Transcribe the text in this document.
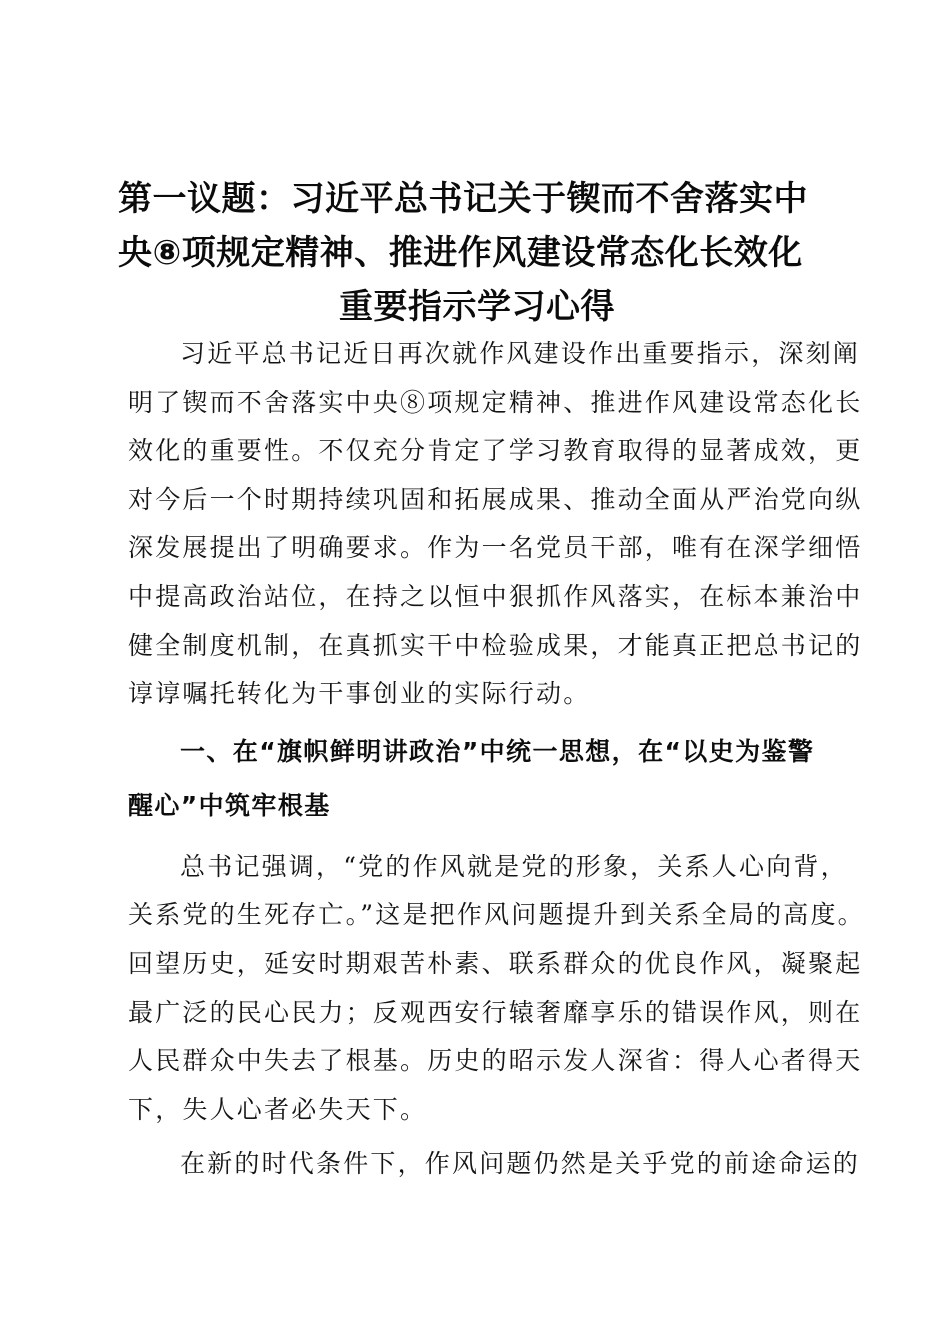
第一议题：习近平总书记关于锲而不舍落实中
央⑧项规定精神、推进作风建设常态化长效化
重要指示学习心得

习近平总书记近日再次就作风建设作出重要指示，深刻阐
明了锲而不舍落实中央⑧项规定精神、推进作风建设常态化长
效化的重要性。不仅充分肯定了学习教育取得的显著成效，更
对今后一个时期持续巩固和拓展成果、推动全面从严治党向纵
深发展提出了明确要求。作为一名党员干部，唯有在深学细悟
中提高政治站位，在持之以恒中狠抓作风落实，在标本兼治中
健全制度机制，在真抓实干中检验成果，才能真正把总书记的
谆谆嘱托转化为干事创业的实际行动。

一、在“旗帜鲜明讲政治”中统一思想，在“以史为鉴警
醒心”中筑牢根基

总书记强调，“党的作风就是党的形象，关系人心向背，
关系党的生死存亡。”这是把作风问题提升到关系全局的高度。
回望历史，延安时期艰苦朴素、联系群众的优良作风，凝聚起
最广泛的民心民力；反观西安行辕奢靡享乐的错误作风，则在
人民群众中失去了根基。历史的昭示发人深省：得人心者得天
下，失人心者必失天下。

在新的时代条件下，作风问题仍然是关乎党的前途命运的
